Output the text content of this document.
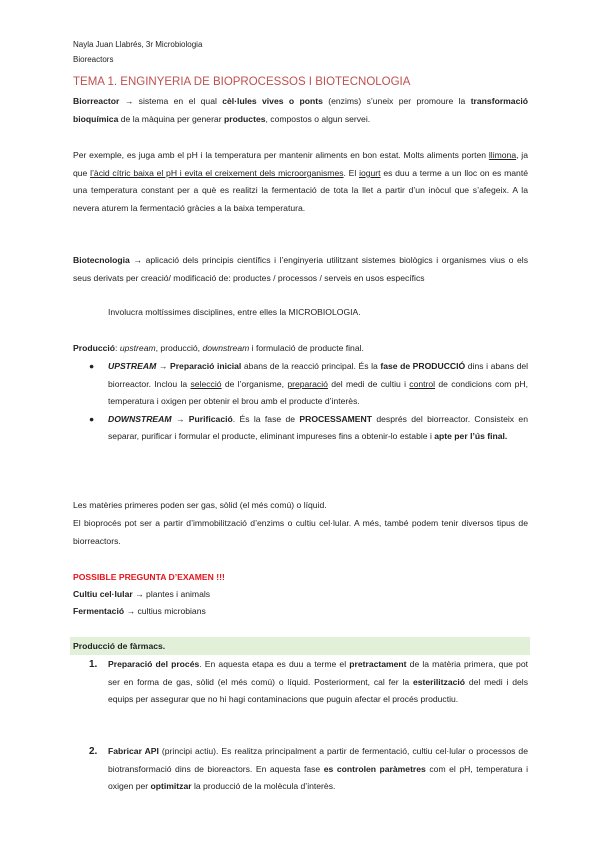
Nayla Juan Llabrés, 3r Microbiologia
Bioreactors
TEMA 1. ENGINYERIA DE BIOPROCESSOS I BIOTECNOLOGIA
Biorreactor → sistema en el qual cèl·lules vives o ponts (enzims) s’uneix per promoure la transformació bioquímica de la màquina per generar productes, compostos o algun servei.
Per exemple, es juga amb el pH i la temperatura per mantenir aliments en bon estat. Molts aliments porten llimona, ja que l’àcid cítric baixa el pH i evita el creixement dels microorganismes. El iogurt es duu a terme a un lloc on es manté una temperatura constant per a què es realitzi la fermentació de tota la llet a partir d’un inòcul que s’afegeix. A la nevera aturem la fermentació gràcies a la baixa temperatura.
Biotecnologia → aplicació dels principis científics i l’enginyeria utilitzant sistemes biològics i organismes vius o els seus derivats per creació/ modificació de: productes / processos / serveis en usos específics
Involucra moltíssimes disciplines, entre elles la MICROBIOLOGIA.
Producció: upstream, producció, downstream i formulació de producte final.
● UPSTREAM → Preparació inicial abans de la reacció principal. És la fase de PRODUCCIÓ dins i abans del biorreactor. Inclou la selecció de l’organisme, preparació del medi de cultiu i control de condicions com pH, temperatura i oxigen per obtenir el brou amb el producte d’interès.
● DOWNSTREAM → Purificació. És la fase de PROCESSAMENT després del biorreactor. Consisteix en separar, purificar i formular el producte, eliminant impureses fins a obtenir-lo estable i apte per l’ús final.
Les matèries primeres poden ser gas, sòlid (el més comú) o líquid.
El bioprocés pot ser a partir d’immobilització d’enzims o cultiu cel·lular. A més, també podem tenir diversos tipus de biorreactors.
POSSIBLE PREGUNTA D’EXAMEN !!!
Cultiu cel·lular → plantes i animals
Fermentació → cultius microbians
Producció de fàrmacs.
1. Preparació del procés. En aquesta etapa es duu a terme el pretractament de la matèria primera, que pot ser en forma de gas, sòlid (el més comú) o líquid. Posteriorment, cal fer la esterilització del medi i dels equips per assegurar que no hi hagi contaminacions que puguin afectar el procés productiu.
2. Fabricar API (principi actiu). Es realitza principalment a partir de fermentació, cultiu cel·lular o processos de biotransformació dins de bioreactors. En aquesta fase es controlen paràmetres com el pH, temperatura i oxigen per optimitzar la producció de la molècula d’interès.
